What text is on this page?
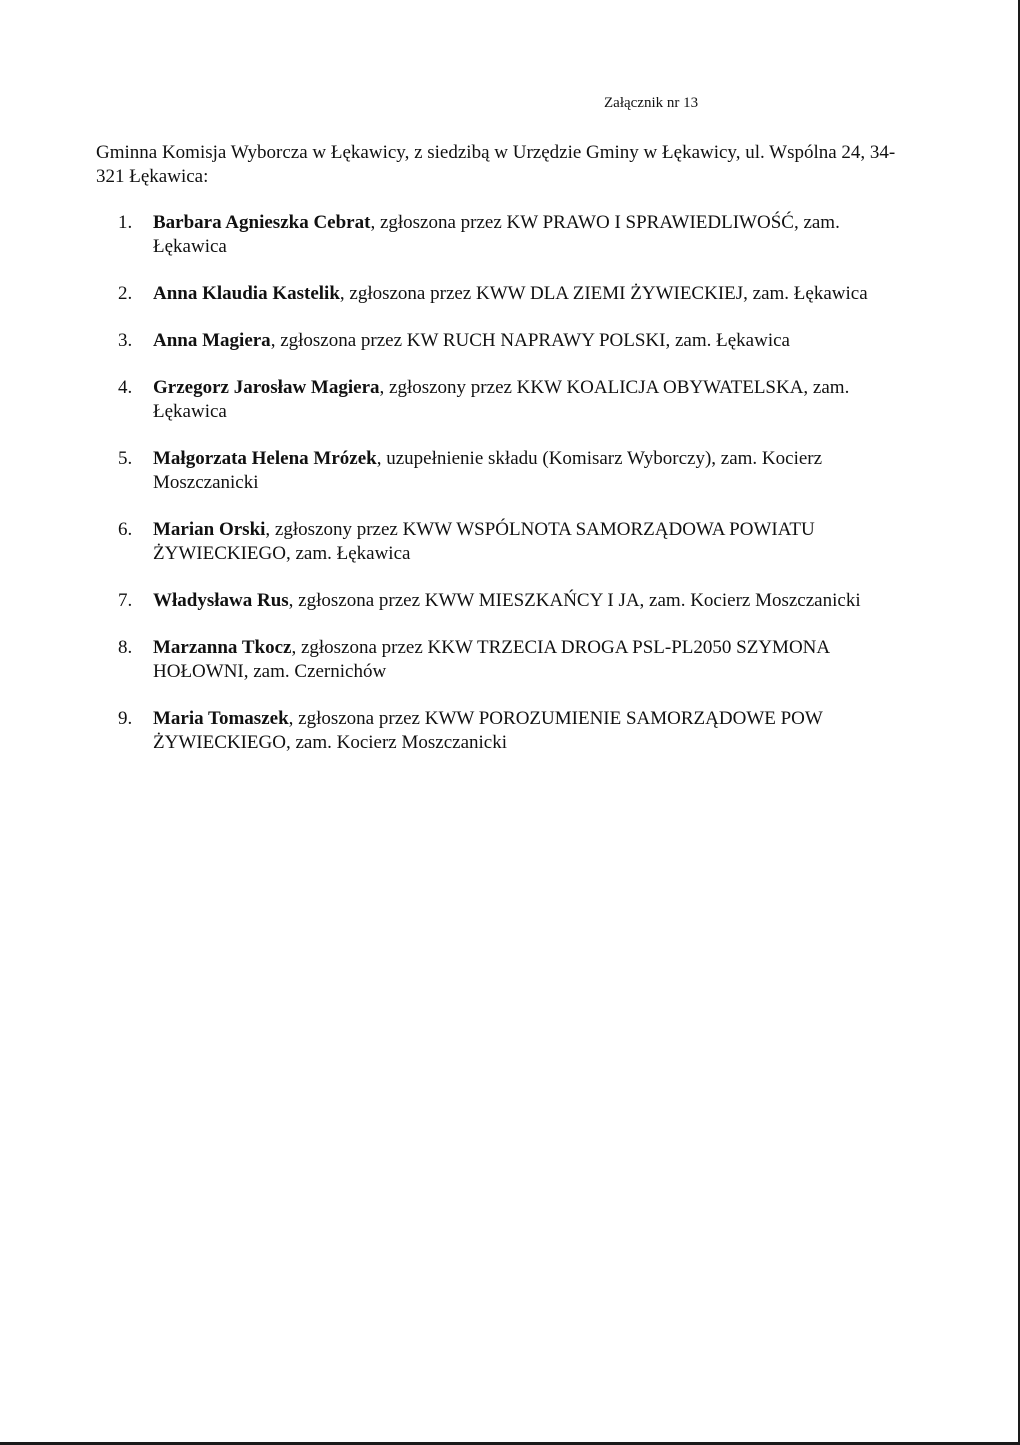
Załącznik nr 13
Gminna Komisja Wyborcza w Łękawicy, z siedzibą w Urzędzie Gminy w Łękawicy, ul. Wspólna 24, 34-321 Łękawica:
1. Barbara Agnieszka Cebrat, zgłoszona przez KW PRAWO I SPRAWIEDLIWOŚĆ, zam. Łękawica
2. Anna Klaudia Kastelik, zgłoszona przez KWW DLA ZIEMI ŻYWIECKIEJ, zam. Łękawica
3. Anna Magiera, zgłoszona przez KW RUCH NAPRAWY POLSKI, zam. Łękawica
4. Grzegorz Jarosław Magiera, zgłoszony przez KKW KOALICJA OBYWATELSKA, zam. Łękawica
5. Małgorzata Helena Mrózek, uzupełnienie składu (Komisarz Wyborczy), zam. Kocierz Moszczanicki
6. Marian Orski, zgłoszony przez KWW WSPÓLNOTA SAMORZĄDOWA POWIATU ŻYWIECKIEGO, zam. Łękawica
7. Władysława Rus, zgłoszona przez KWW MIESZKAŃCY I JA, zam. Kocierz Moszczanicki
8. Marzanna Tkocz, zgłoszona przez KKW TRZECIA DROGA PSL-PL2050 SZYMONA HOŁOWNI, zam. Czernichów
9. Maria Tomaszek, zgłoszona przez KWW POROZUMIENIE SAMORZĄDOWE POW ŻYWIECKIEGO, zam. Kocierz Moszczanicki
